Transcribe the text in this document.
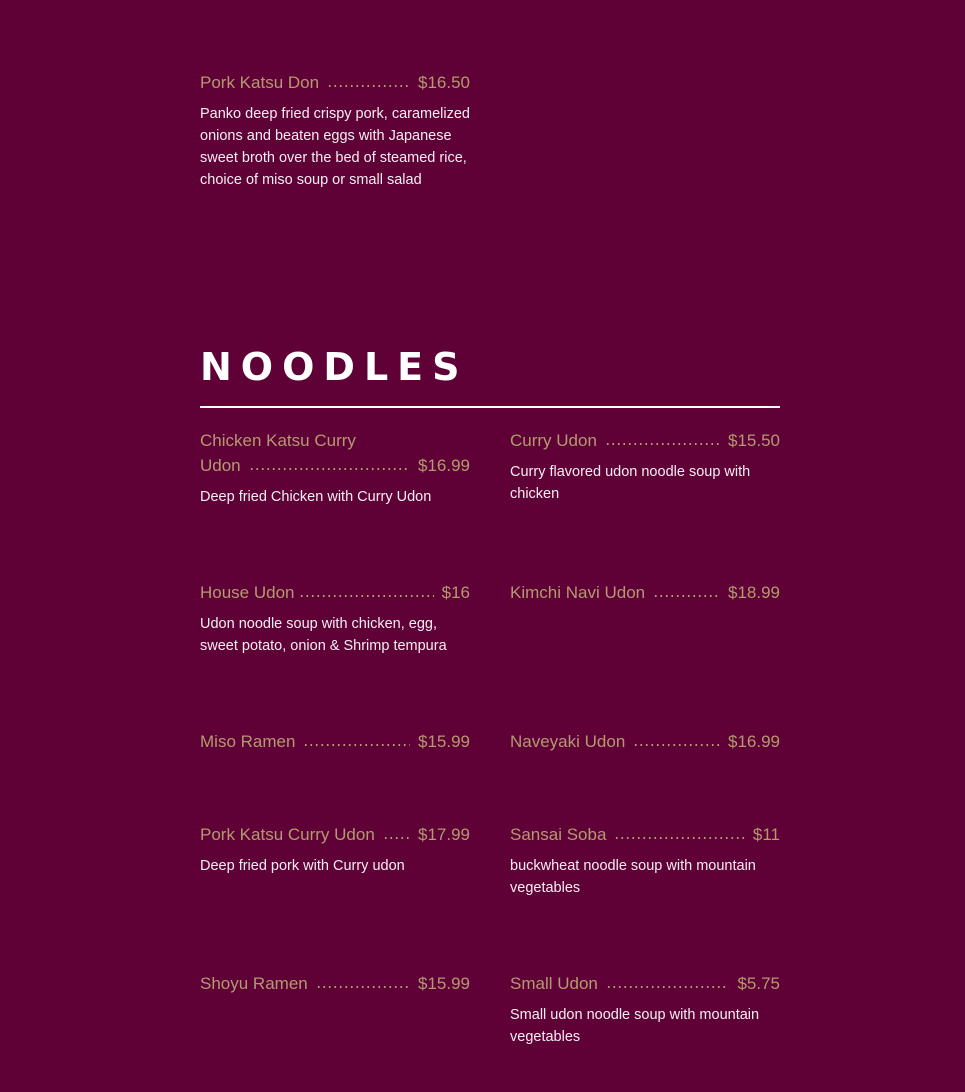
Pork Katsu Don	$16.50
Panko deep fried crispy pork, caramelized onions and beaten eggs with Japanese sweet broth over the bed of steamed rice, choice of miso soup or small salad
NOODLES
Chicken Katsu Curry
Udon	$16.99
Deep fried Chicken with Curry Udon
Curry Udon	$15.50
Curry flavored udon noodle soup with chicken
House Udon	$16
Udon noodle soup with chicken, egg, sweet potato, onion & Shrimp tempura
Kimchi Navi Udon	$18.99
Miso Ramen	$15.99 Naveyaki Udon	$16.99
Pork Katsu Curry Udon	$17.99
Deep fried pork with Curry udon
Sansai Soba	$11
buckwheat noodle soup with mountain vegetables
Shoyu Ramen	$15.99 Small Udon	$5.75
Small udon noodle soup with mountain vegetables
